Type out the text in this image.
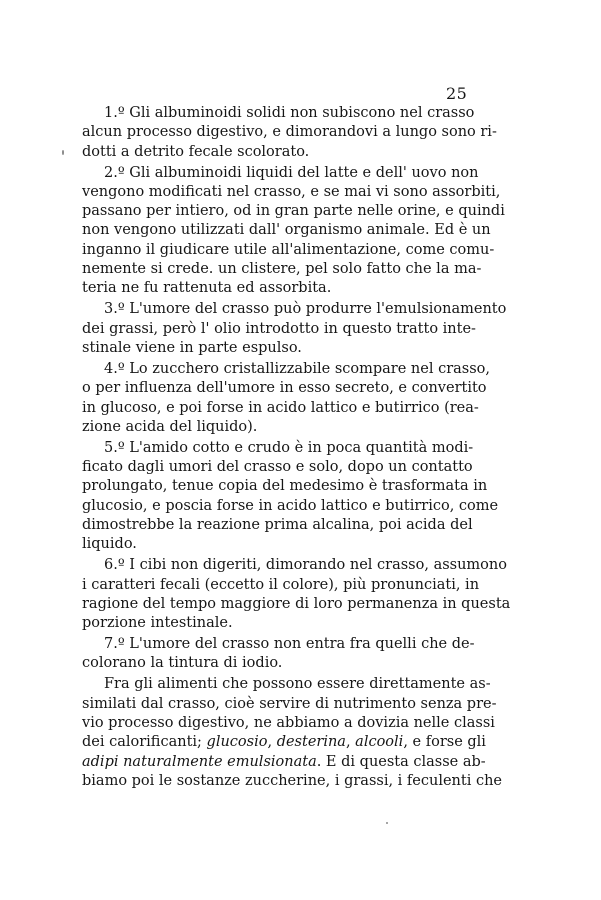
25
1.º Gli albuminoidi solidi non subiscono nel crasso
alcun processo digestivo, e dimorandovi a lungo sono ri-
dotti a detrito fecale scolorato.
2.º Gli albuminoidi liquidi del latte e dell' uovo non
vengono modificati nel crasso, e se mai vi sono assorbiti,
passano per intiero, od in gran parte nelle orine, e quindi
non vengono utilizzati dall' organismo animale. Ed è un
inganno il giudicare utile all'alimentazione, come comu-
nemente si crede. un clistere, pel solo fatto che la ma-
teria ne fu rattenuta ed assorbita.
3.º L'umore del crasso può produrre l'emulsionamento
dei grassi, però l' olio introdotto in questo tratto inte-
stinale viene in parte espulso.
4.º Lo zucchero cristallizzabile scompare nel crasso,
o per influenza dell'umore in esso secreto, e convertito
in glucoso, e poi forse in acido lattico e butirrico (rea-
zione acida del liquido).
5.º L'amido cotto e crudo è in poca quantità modi-
ficato dagli umori del crasso e solo, dopo un contatto
prolungato, tenue copia del medesimo è trasformata in
glucosio, e poscia forse in acido lattico e butirrico, come
dimostrebbe la reazione prima alcalina, poi acida del
liquido.
6.º I cibi non digeriti, dimorando nel crasso, assumono
i caratteri fecali (eccetto il colore), più pronunciati, in
ragione del tempo maggiore di loro permanenza in questa
porzione intestinale.
7.º L'umore del crasso non entra fra quelli che de-
colorano la tintura di iodio.
Fra gli alimenti che possono essere direttamente as-
similati dal crasso, cioè servire di nutrimento senza pre-
vio processo digestivo, ne abbiamo a dovizia nelle classi
dei calorificanti; glucosio, desterina, alcooli, e forse gli
adipi naturalmente emulsionata. E di questa classe ab-
biamo poi le sostanze zuccherine, i grassi, i feculenti che
